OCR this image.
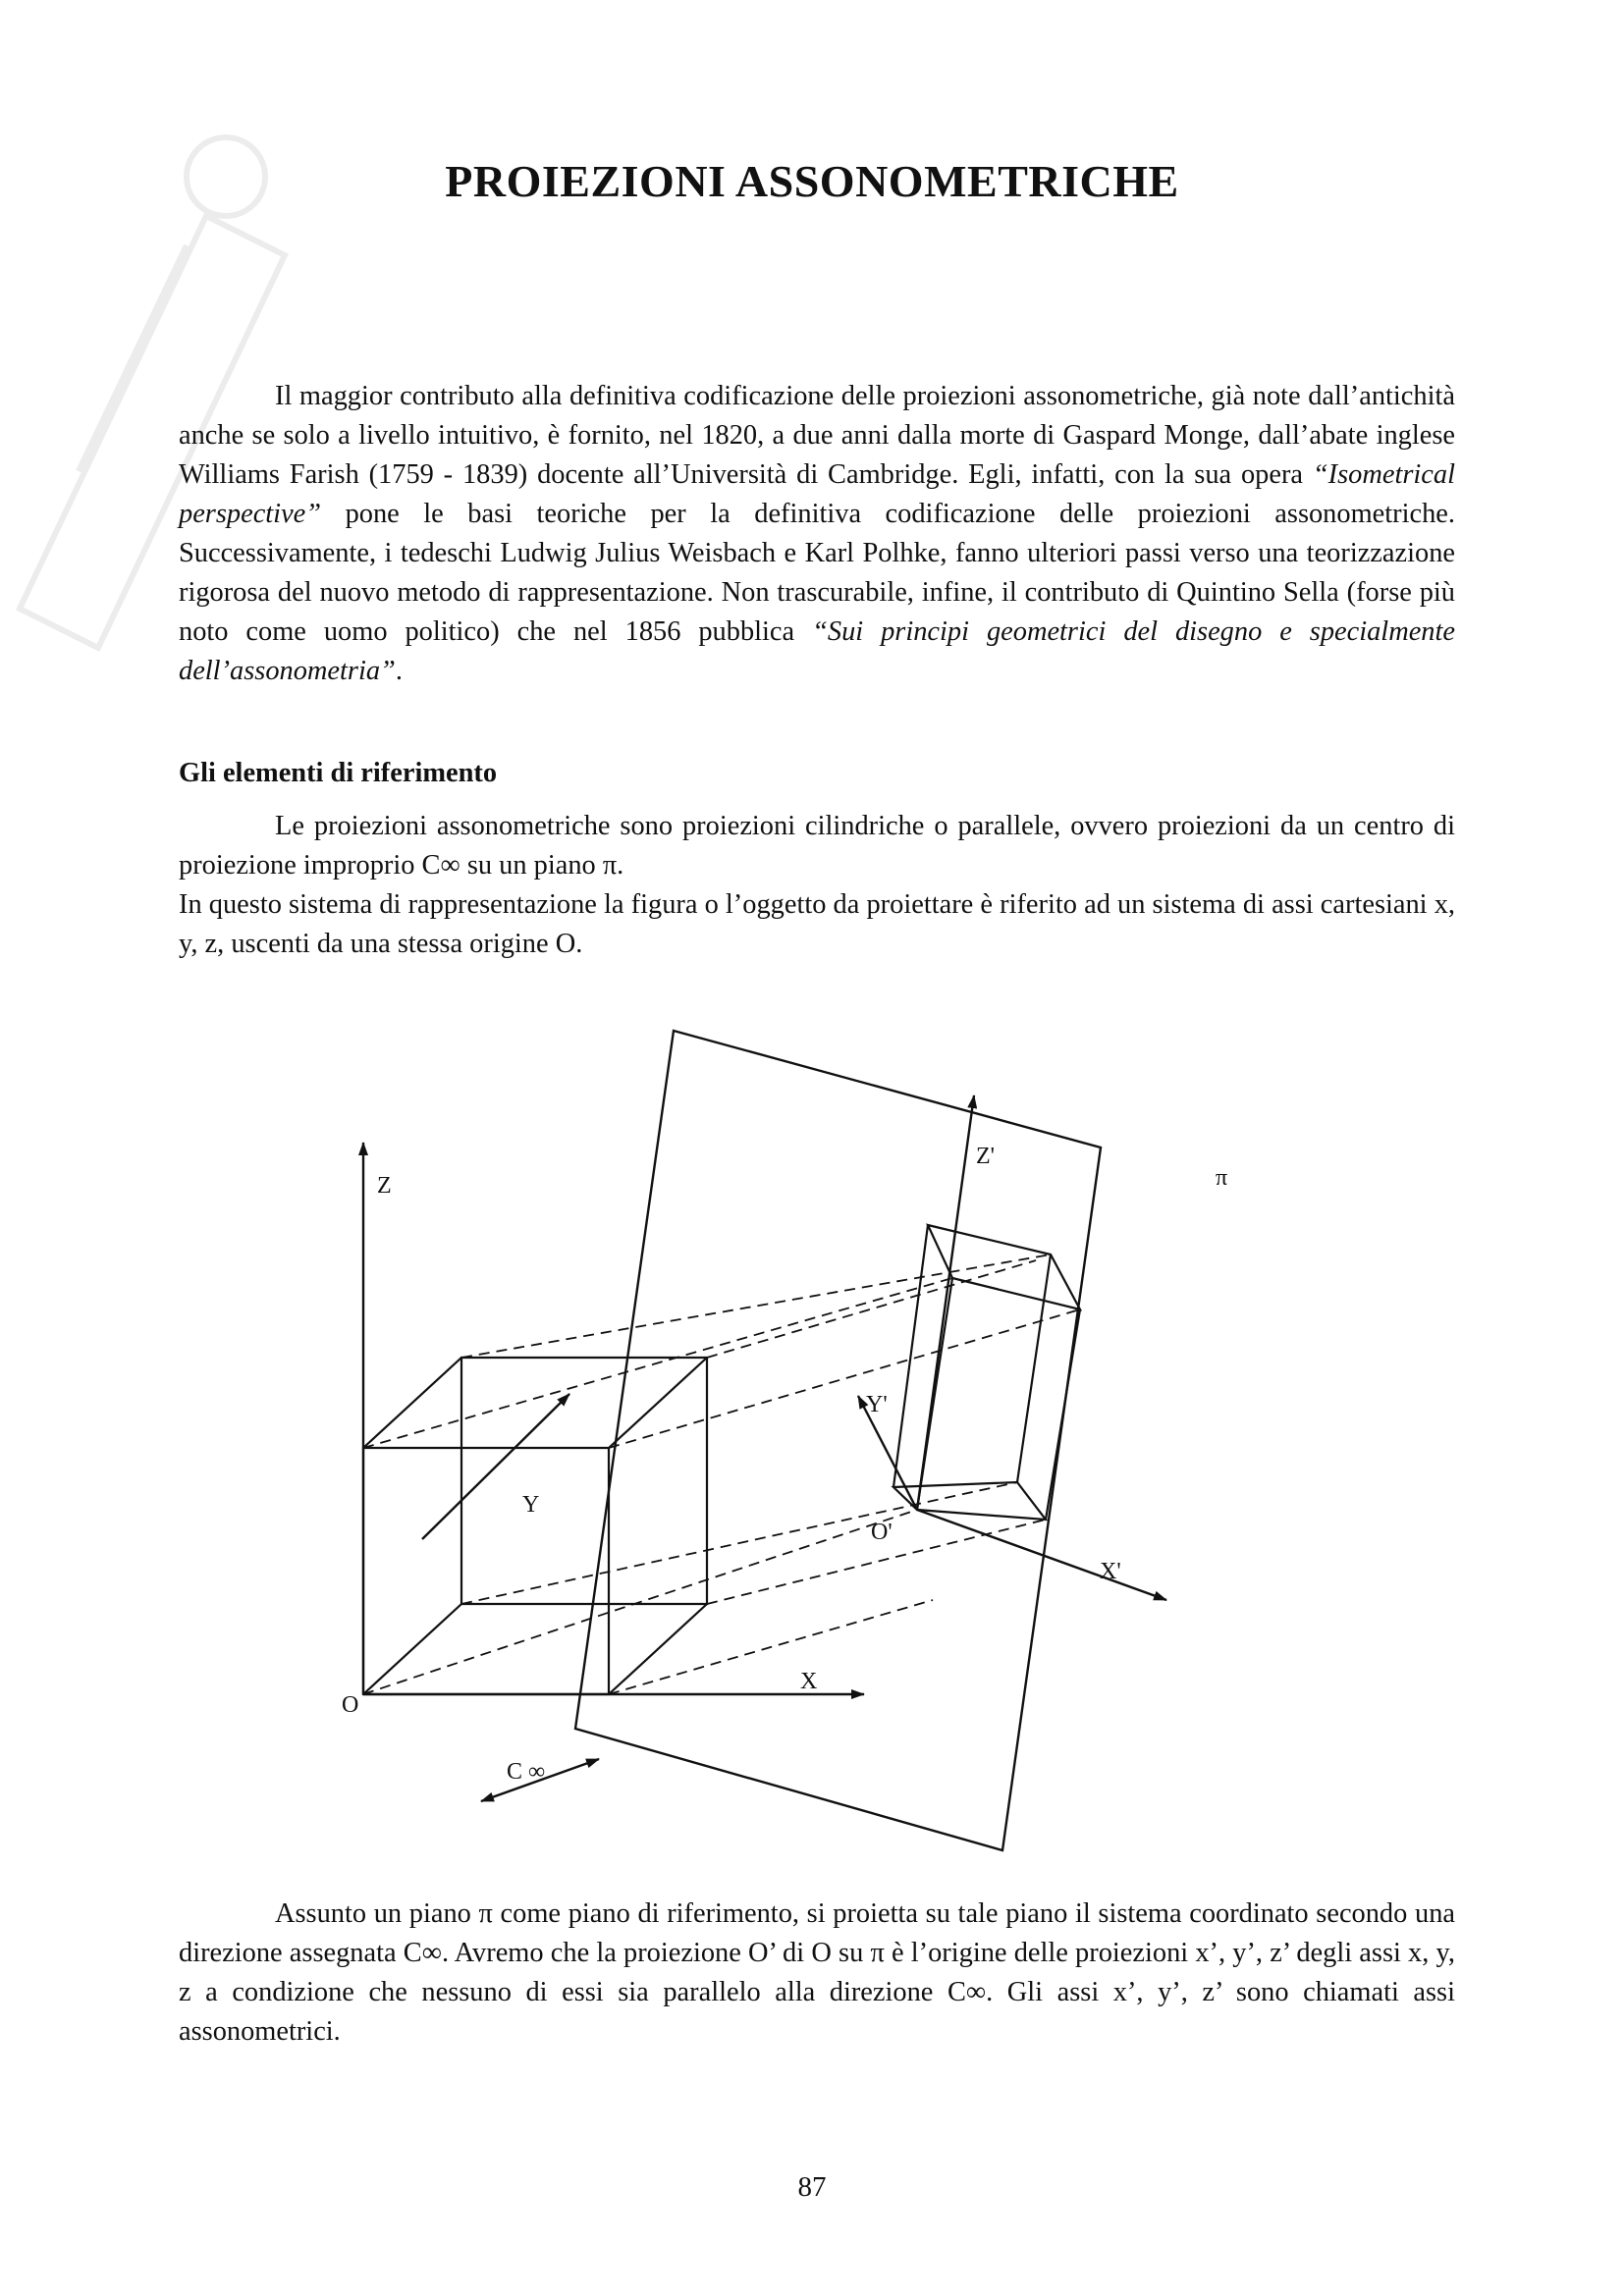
PROIEZIONI ASSONOMETRICHE

Il maggior contributo alla definitiva codificazione delle proiezioni assonometriche, già note dall’antichità anche se solo a livello intuitivo, è fornito, nel 1820, a due anni dalla morte di Gaspard Monge, dall’abate inglese Williams Farish (1759 - 1839) docente all’Università di Cambridge. Egli, infatti, con la sua opera “Isometrical perspective” pone le basi teoriche per la definitiva codificazione delle proiezioni assonometriche. Successivamente, i tedeschi Ludwig Julius Weisbach e Karl Polhke, fanno ulteriori passi verso una teorizzazione rigorosa del nuovo metodo di rappresentazione. Non trascurabile, infine, il contributo di Quintino Sella (forse più noto come uomo politico) che nel 1856 pubblica “Sui principi geometrici del disegno e specialmente dell’assonometria”.

Gli elementi di riferimento

Le proiezioni assonometriche sono proiezioni cilindriche o parallele, ovvero proiezioni da un centro di proiezione improprio C∞ su un piano π.

In questo sistema di rappresentazione la figura o l’oggetto da proiettare è riferito ad un sistema di assi cartesiani x, y, z, uscenti da una stessa origine O.

Z
Y
X
O
C ∞
Z'
Y'
X'
O'
π

Assunto un piano π come piano di riferimento, si proietta su tale piano il sistema coordinato secondo una direzione assegnata C∞. Avremo che la proiezione O’ di O su π è l’origine delle proiezioni x’, y’, z’ degli assi x, y, z a condizione che nessuno di essi sia parallelo alla direzione C∞. Gli assi x’, y’, z’ sono chiamati assi assonometrici.

87
